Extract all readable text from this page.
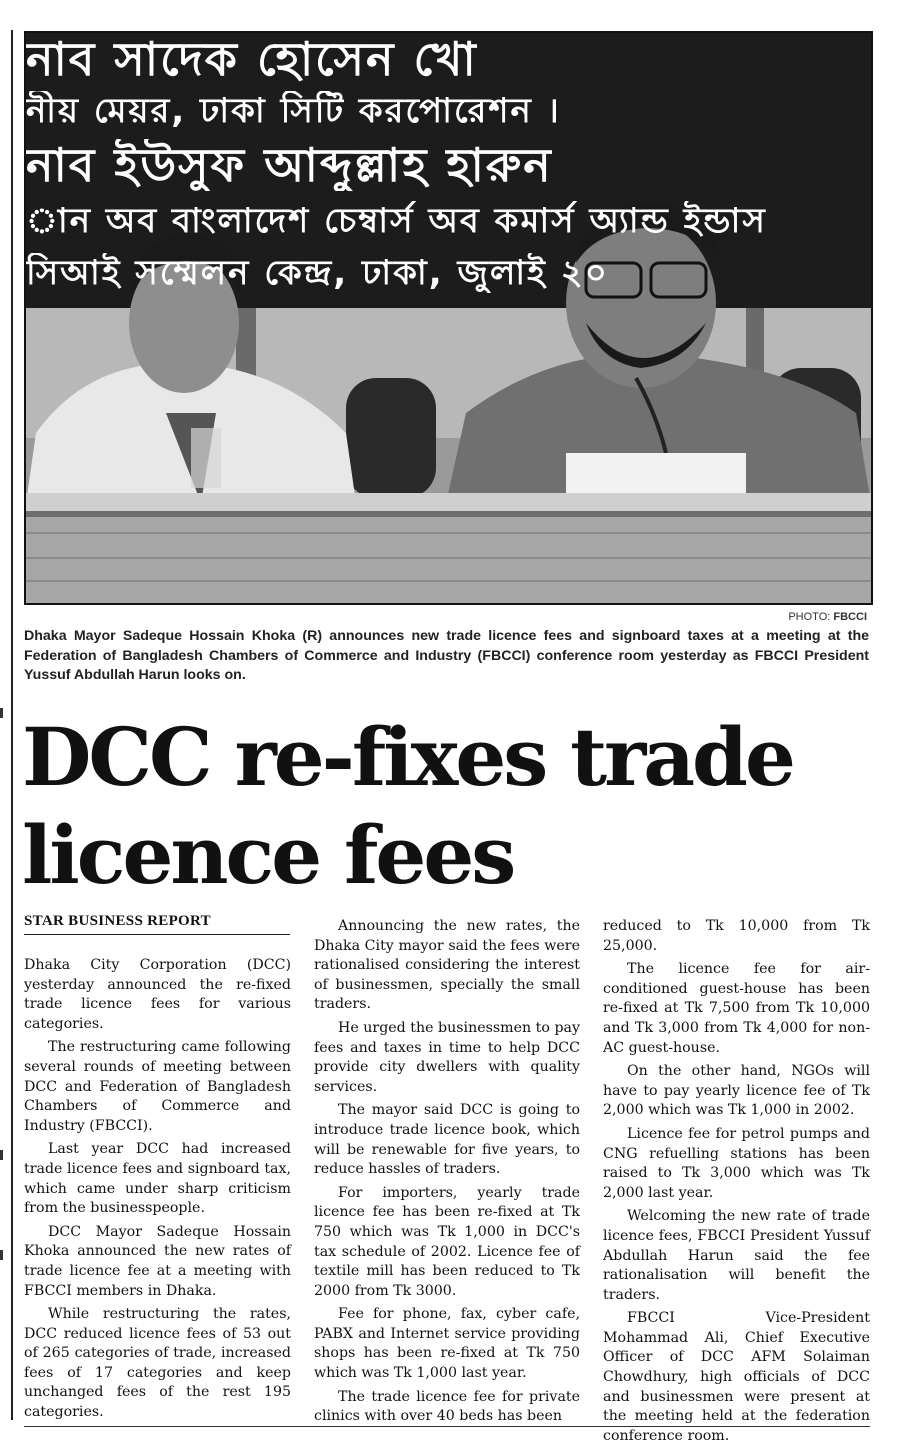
নাব সাদেক হোসেন খো
নীয় মেয়র, ঢাকা সিটি করপোরেশন ।
নাব ইউসুফ আব্দুল্লাহ হারুন
ান অব বাংলাদেশ চেম্বার্স অব কমার্স অ্যান্ড ইন্ডাস
সিআই সম্মেলন কেন্দ্র, ঢাকা, জুলাই ২০
PHOTO: FBCCI
Dhaka Mayor Sadeque Hossain Khoka (R) announces new trade licence fees and signboard taxes at a meeting at the Federation of Bangladesh Chambers of Commerce and Industry (FBCCI) conference room yesterday as FBCCI President Yussuf Abdullah Harun looks on.
DCC re-fixes trade
licence fees
STAR BUSINESS REPORT

Dhaka City Corporation (DCC) yesterday announced the re-fixed trade licence fees for various categories.

The restructuring came following several rounds of meeting between DCC and Federation of Bangladesh Chambers of Commerce and Industry (FBCCI).

Last year DCC had increased trade licence fees and signboard tax, which came under sharp criticism from the businesspeople.

DCC Mayor Sadeque Hossain Khoka announced the new rates of trade licence fee at a meeting with FBCCI members in Dhaka.

While restructuring the rates, DCC reduced licence fees of 53 out of 265 categories of trade, increased fees of 17 categories and keep unchanged fees of the rest 195 categories.

Announcing the new rates, the Dhaka City mayor said the fees were rationalised considering the interest of businessmen, specially the small traders.

He urged the businessmen to pay fees and taxes in time to help DCC provide city dwellers with quality services.

The mayor said DCC is going to introduce trade licence book, which will be renewable for five years, to reduce hassles of traders.

For importers, yearly trade licence fee has been re-fixed at Tk 750 which was Tk 1,000 in DCC's tax schedule of 2002. Licence fee of textile mill has been reduced to Tk 2000 from Tk 3000.

Fee for phone, fax, cyber cafe, PABX and Internet service providing shops has been re-fixed at Tk 750 which was Tk 1,000 last year.

The trade licence fee for private clinics with over 40 beds has been

reduced to Tk 10,000 from Tk 25,000.

The licence fee for air-conditioned guest-house has been re-fixed at Tk 7,500 from Tk 10,000 and Tk 3,000 from Tk 4,000 for non-AC guest-house.

On the other hand, NGOs will have to pay yearly licence fee of Tk 2,000 which was Tk 1,000 in 2002.

Licence fee for petrol pumps and CNG refuelling stations has been raised to Tk 3,000 which was Tk 2,000 last year.

Welcoming the new rate of trade licence fees, FBCCI President Yussuf Abdullah Harun said the fee rationalisation will benefit the traders.

FBCCI Vice-President Mohammad Ali, Chief Executive Officer of DCC AFM Solaiman Chowdhury, high officials of DCC and businessmen were present at the meeting held at the federation conference room.
